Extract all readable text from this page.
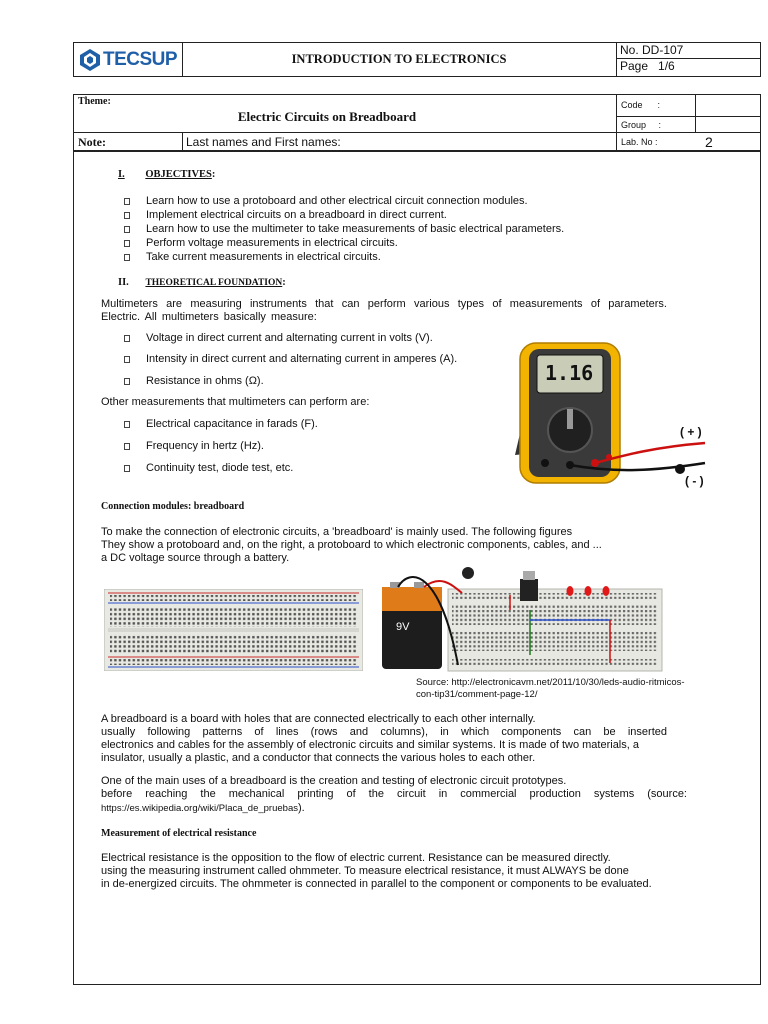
TECSUP	INTRODUCTION TO ELECTRONICS
No. DD-107
Page   1/6
Theme:
Electric Circuits on Breadboard
Code      :
Group     :
Note:	Last names and First names:	Lab. No :	2
I. OBJECTIVES:
Learn how to use a protoboard and other electrical circuit connection modules.
Implement electrical circuits on a breadboard in direct current.
Learn how to use the multimeter to take measurements of basic electrical parameters.
Perform voltage measurements in electrical circuits.
Take current measurements in electrical circuits.
II. THEORETICAL FOUNDATION:
Multimeters are measuring instruments that can perform various types of measurements of parameters.
Electric. All multimeters basically measure:
Voltage in direct current and alternating current in volts (V).
Intensity in direct current and alternating current in amperes (A).
Resistance in ohms (Ω).
Other measurements that multimeters can perform are:
Electrical capacitance in farads (F).
Frequency in hertz (Hz).
Continuity test, diode test, etc.
1.16
( + )
( - )
Connection modules: breadboard
To make the connection of electronic circuits, a 'breadboard' is mainly used. The following figures
They show a protoboard and, on the right, a protoboard to which electronic components, cables, and ...
a DC voltage source through a battery.
9V
Source: http://electronicavm.net/2011/10/30/leds-audio-ritmicos-
con-tip31/comment-page-12/
A breadboard is a board with holes that are connected electrically to each other internally.
usually following patterns of lines (rows and columns), in which components can be inserted
electronics and cables for the assembly of electronic circuits and similar systems. It is made of two materials, a
insulator, usually a plastic, and a conductor that connects the various holes to each other.
One of the main uses of a breadboard is the creation and testing of electronic circuit prototypes.
before reaching the mechanical printing of the circuit in commercial production systems (source:
https://es.wikipedia.org/wiki/Placa_de_pruebas).
Measurement of electrical resistance
Electrical resistance is the opposition to the flow of electric current. Resistance can be measured directly.
using the measuring instrument called ohmmeter. To measure electrical resistance, it must ALWAYS be done
in de-energized circuits. The ohmmeter is connected in parallel to the component or components to be evaluated.
